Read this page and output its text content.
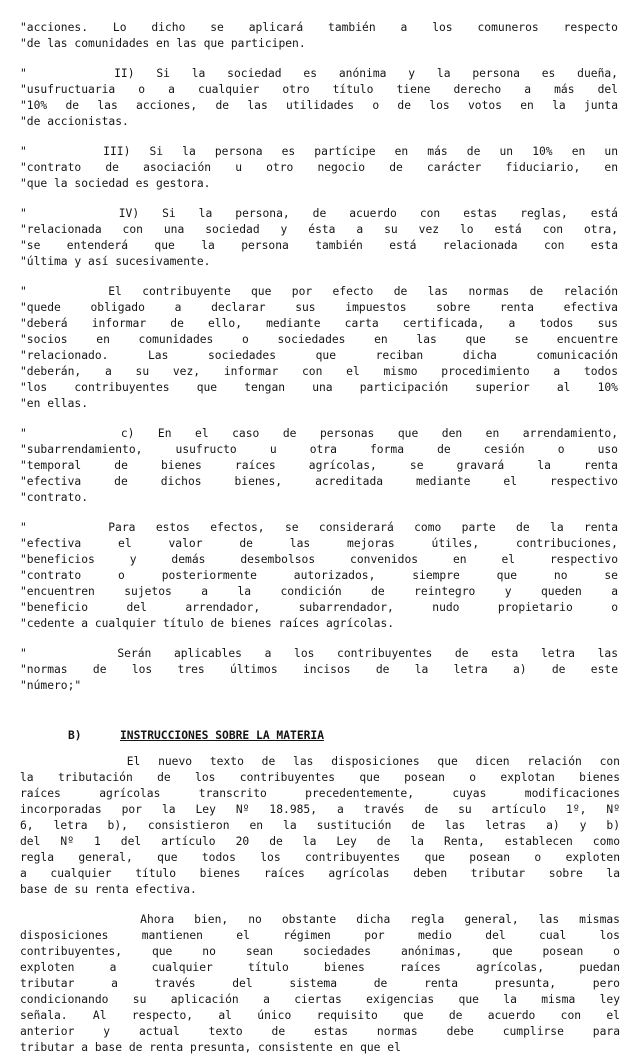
"acciones. Lo dicho se aplicará también a los comuneros respecto
"de las comunidades en las que participen.
"    II) Si la sociedad es anónima y la persona es dueña,
"usufructuaria o a cualquier otro título tiene derecho a más del
"10% de las acciones, de las utilidades o de los votos en la junta
"de accionistas.
"    III) Si la persona es partícipe en más de un 10% en un
"contrato de asociación u otro negocio de carácter fiduciario, en
"que la sociedad es gestora.
"    IV) Si la persona, de acuerdo con estas reglas, está
"relacionada con una sociedad y ésta a su vez lo está con otra,
"se entenderá que la persona también está relacionada con esta
"última y así sucesivamente.
"    El contribuyente que por efecto de las normas de relación
"quede obligado a declarar sus impuestos sobre renta efectiva
"deberá informar de ello, mediante carta certificada, a todos sus
"socios en comunidades o sociedades en las que se encuentre
"relacionado. Las sociedades que reciban dicha comunicación
"deberán, a su vez, informar con el mismo procedimiento a todos
"los contribuyentes que tengan una participación superior al 10%
"en ellas.
"    c) En el caso de personas que den en arrendamiento,
"subarrendamiento, usufructo u otra forma de cesión o uso
"temporal de bienes raíces agrícolas, se gravará la renta
"efectiva de dichos bienes, acreditada mediante el respectivo
"contrato.
"    Para estos efectos, se considerará como parte de la renta
"efectiva el valor de las mejoras útiles, contribuciones,
"beneficios y demás desembolsos convenidos en el respectivo
"contrato o posteriormente autorizados, siempre que no se
"encuentren sujetos a la condición de reintegro y queden a
"beneficio del arrendador, subarrendador, nudo propietario o
"cedente a cualquier título de bienes raíces agrícolas.
"    Serán aplicables a los contribuyentes de esta letra las
"normas de los tres últimos incisos de la letra a) de este
"número;"
B)	INSTRUCCIONES SOBRE LA MATERIA
El nuevo texto de las disposiciones que dicen relación con
la tributación de los contribuyentes que posean o explotan bienes
raíces agrícolas transcrito precedentemente, cuyas modificaciones
incorporadas por la Ley Nº 18.985, a través de su artículo 1º, Nº
6, letra b), consistieron en la sustitución de las letras a) y b)
del Nº 1 del artículo 20 de la Ley de la Renta, establecen como
regla general, que todos los contribuyentes que posean o exploten
a cualquier título bienes raíces agrícolas deben tributar sobre la
base de su renta efectiva.
Ahora bien, no obstante dicha regla general, las mismas
disposiciones mantienen el régimen por medio del cual los
contribuyentes, que no sean sociedades anónimas, que posean o
exploten a cualquier título bienes raíces agrícolas, puedan
tributar a través del sistema de renta presunta, pero
condicionando su aplicación a ciertas exigencias que la misma ley
señala. Al respecto, al único requisito que de acuerdo con el
anterior y actual texto de estas normas debe cumplirse para
tributar a base de renta presunta, consistente en que el
